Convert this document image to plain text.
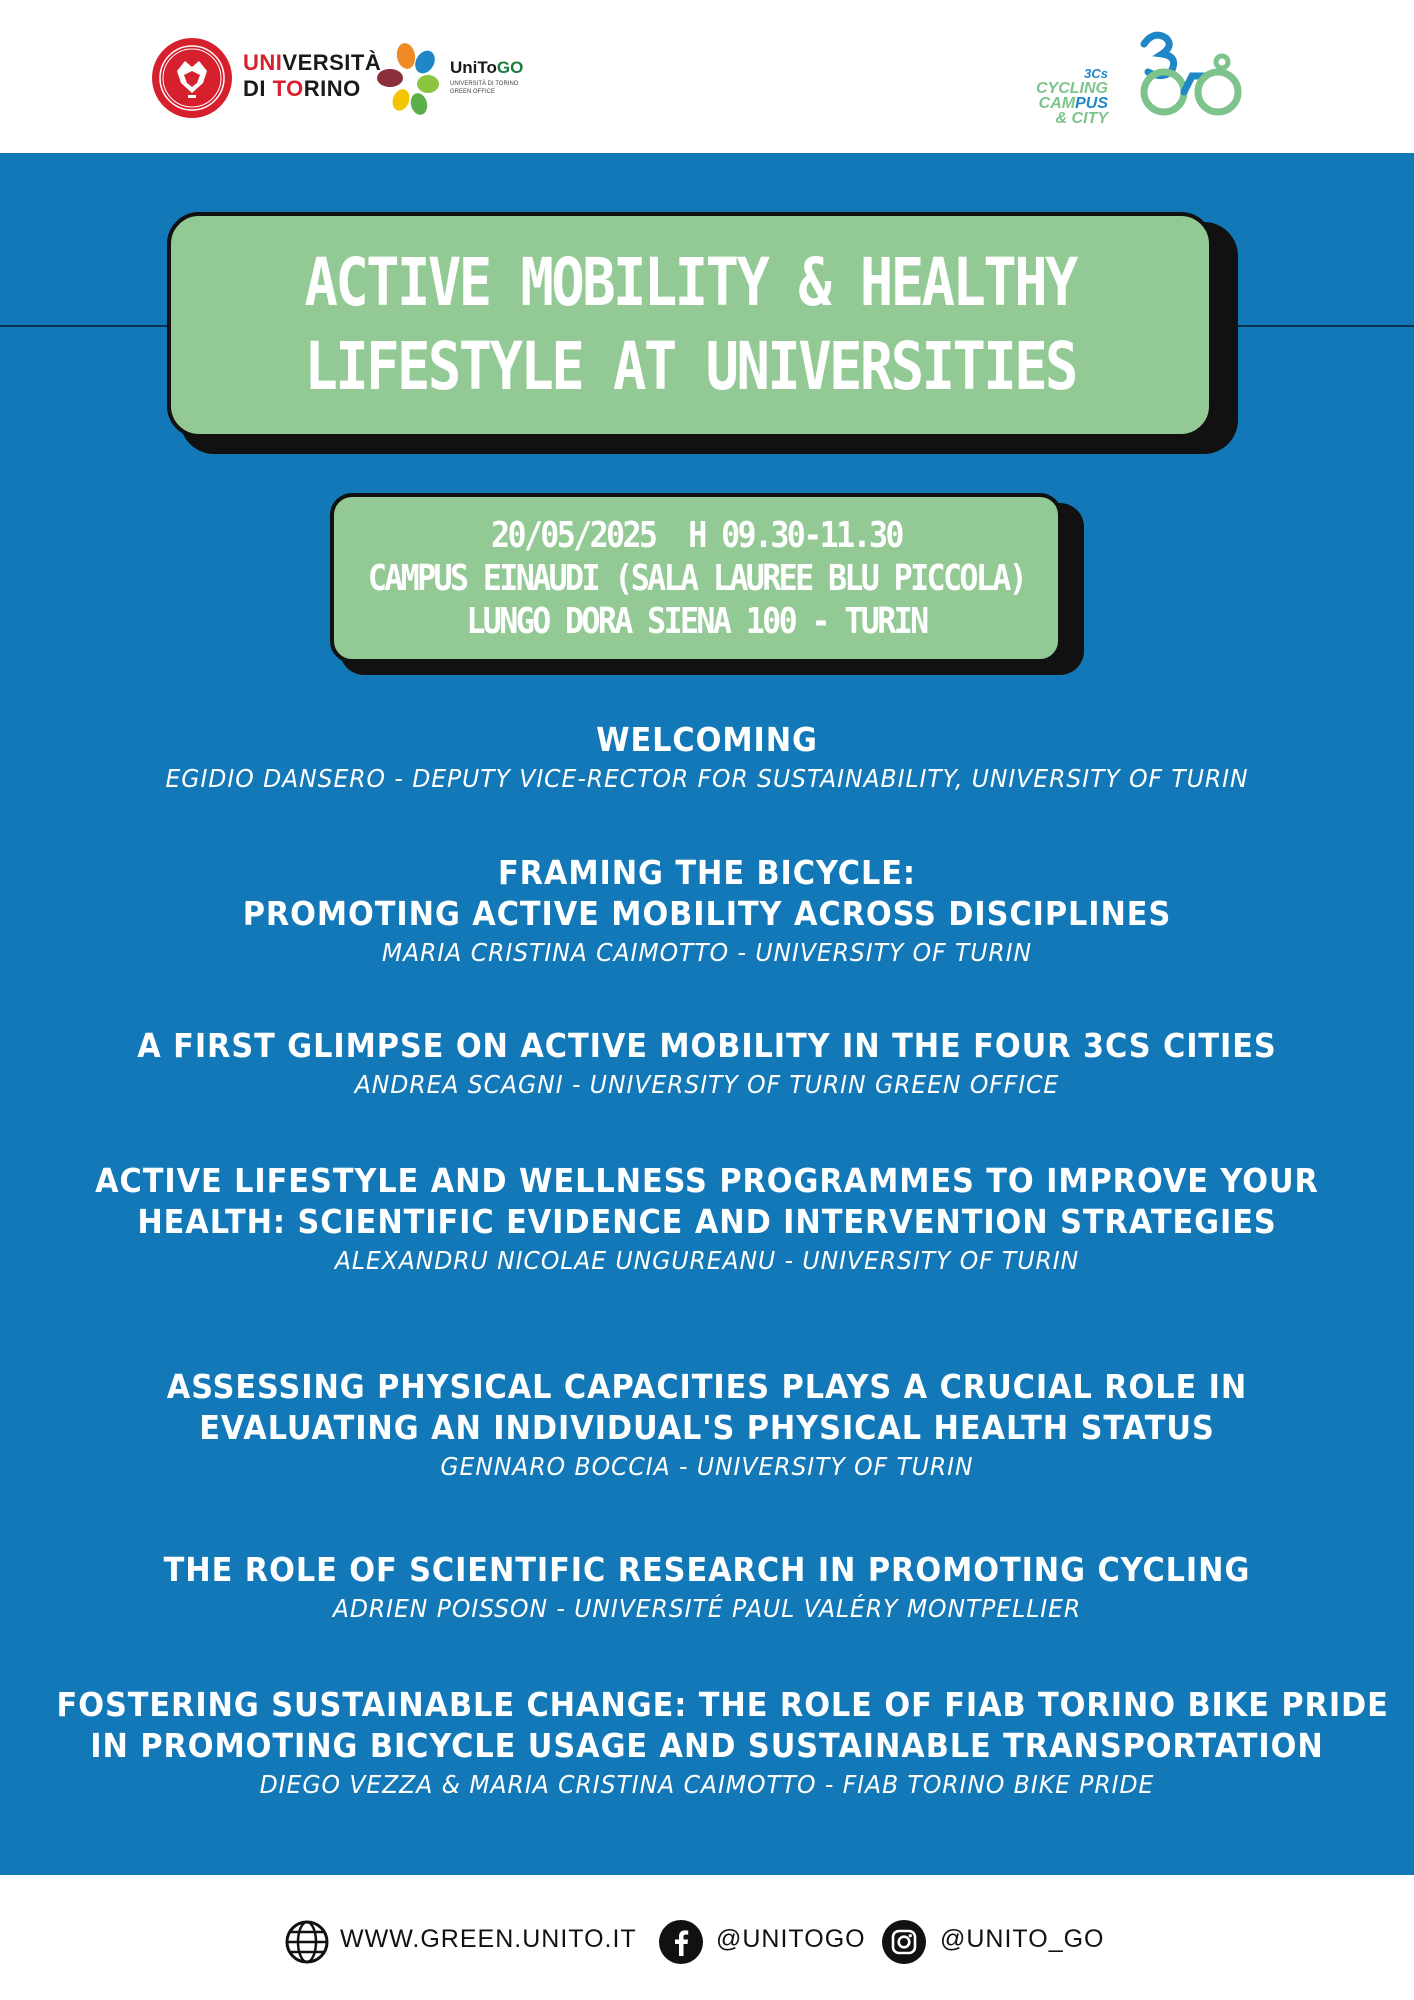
UNIVERSITÀ
DI TORINO
UniToGO
UNIVERSITÀ DI TORINO GREEN OFFICE
3Cs
CYCLING
CAMPUS
& CITY
ACTIVE MOBILITY & HEALTHY
LIFESTYLE AT UNIVERSITIES
20/05/2025  H 09.30-11.30
CAMPUS EINAUDI (SALA LAUREE BLU PICCOLA)
LUNGO DORA SIENA 100 - TURIN
WELCOMING
EGIDIO DANSERO - DEPUTY VICE-RECTOR FOR SUSTAINABILITY, UNIVERSITY OF TURIN
FRAMING THE BICYCLE:
PROMOTING ACTIVE MOBILITY ACROSS DISCIPLINES
MARIA CRISTINA CAIMOTTO - UNIVERSITY OF TURIN
A FIRST GLIMPSE ON ACTIVE MOBILITY IN THE FOUR 3CS CITIES
ANDREA SCAGNI - UNIVERSITY OF TURIN GREEN OFFICE
ACTIVE LIFESTYLE AND WELLNESS PROGRAMMES TO IMPROVE YOUR
HEALTH: SCIENTIFIC EVIDENCE AND INTERVENTION STRATEGIES
ALEXANDRU NICOLAE UNGUREANU - UNIVERSITY OF TURIN
ASSESSING PHYSICAL CAPACITIES PLAYS A CRUCIAL ROLE IN
EVALUATING AN INDIVIDUAL'S PHYSICAL HEALTH STATUS
GENNARO BOCCIA - UNIVERSITY OF TURIN
THE ROLE OF SCIENTIFIC RESEARCH IN PROMOTING CYCLING
ADRIEN POISSON - UNIVERSITÉ PAUL VALÉRY MONTPELLIER
FOSTERING SUSTAINABLE CHANGE: THE ROLE OF FIAB TORINO BIKE PRIDE
IN PROMOTING BICYCLE USAGE AND SUSTAINABLE TRANSPORTATION
DIEGO VEZZA & MARIA CRISTINA CAIMOTTO - FIAB TORINO BIKE PRIDE
WWW.GREEN.UNITO.IT	@UNITOGO	@UNITO_GO
